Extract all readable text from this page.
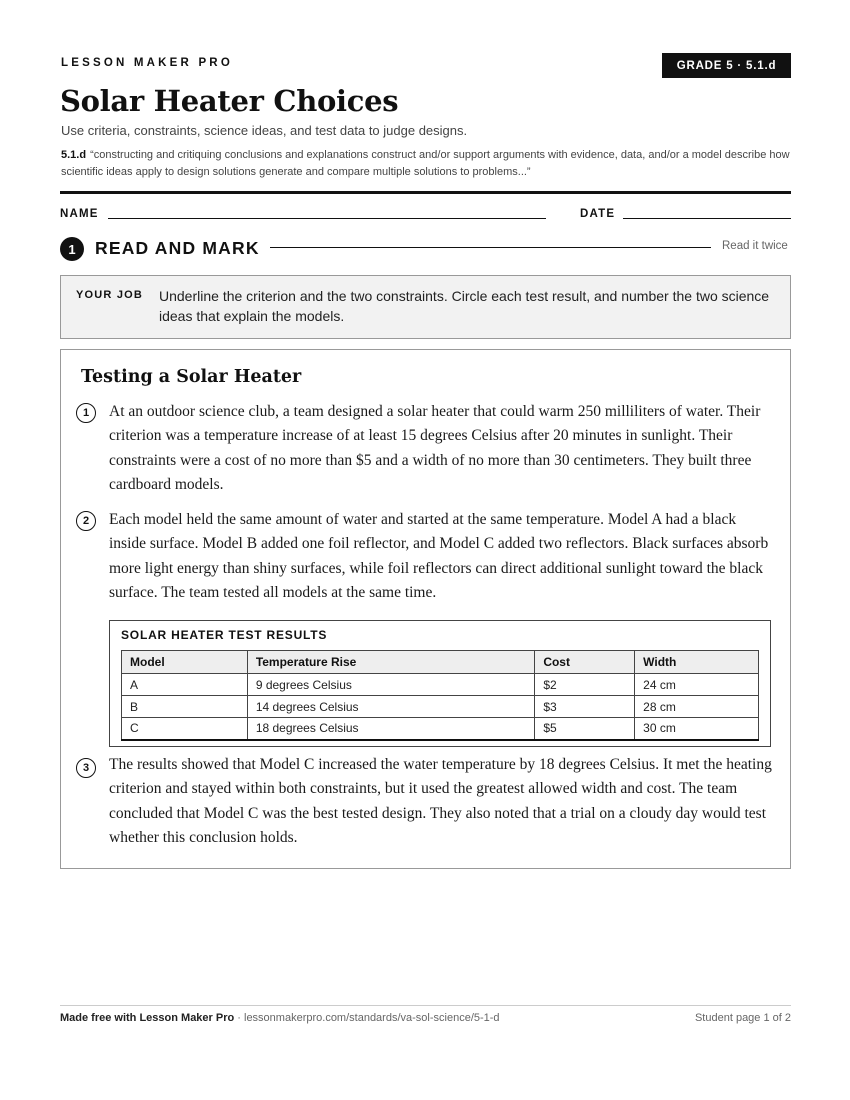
LESSON MAKER PRO	GRADE 5 · 5.1.d
Solar Heater Choices
Use criteria, constraints, science ideas, and test data to judge designs.
5.1.d “constructing and critiquing conclusions and explanations construct and/or support arguments with evidence, data, and/or a model describe how scientific ideas apply to design solutions generate and compare multiple solutions to problems...”
NAME	DATE
1	READ AND MARK	Read it twice
YOUR JOB Underline the criterion and the two constraints. Circle each test result, and number the two science ideas that explain the models.
Testing a Solar Heater
1	At an outdoor science club, a team designed a solar heater that could warm 250 milliliters of water. Their criterion was a temperature increase of at least 15 degrees Celsius after 20 minutes in sunlight. Their constraints were a cost of no more than $5 and a width of no more than 30 centimeters. They built three cardboard models.

2	Each model held the same amount of water and started at the same temperature. Model A had a black inside surface. Model B added one foil reflector, and Model C added two reflectors. Black surfaces absorb more light energy than shiny surfaces, while foil reflectors can direct additional sunlight toward the black surface. The team tested all models at the same time.

SOLAR HEATER TEST RESULTS
Model	Temperature Rise	Cost	Width
A	9 degrees Celsius	$2	24 cm
B	14 degrees Celsius	$3	28 cm
C	18 degrees Celsius	$5	30 cm
3	The results showed that Model C increased the water temperature by 18 degrees Celsius. It met the heating criterion and stayed within both constraints, but it used the greatest allowed width and cost. The team concluded that Model C was the best tested design. They also noted that a trial on a cloudy day would test whether this conclusion holds.

Made free with Lesson Maker Pro · lessonmakerpro.com/standards/va-sol-science/5-1-d	Student page 1 of 2
